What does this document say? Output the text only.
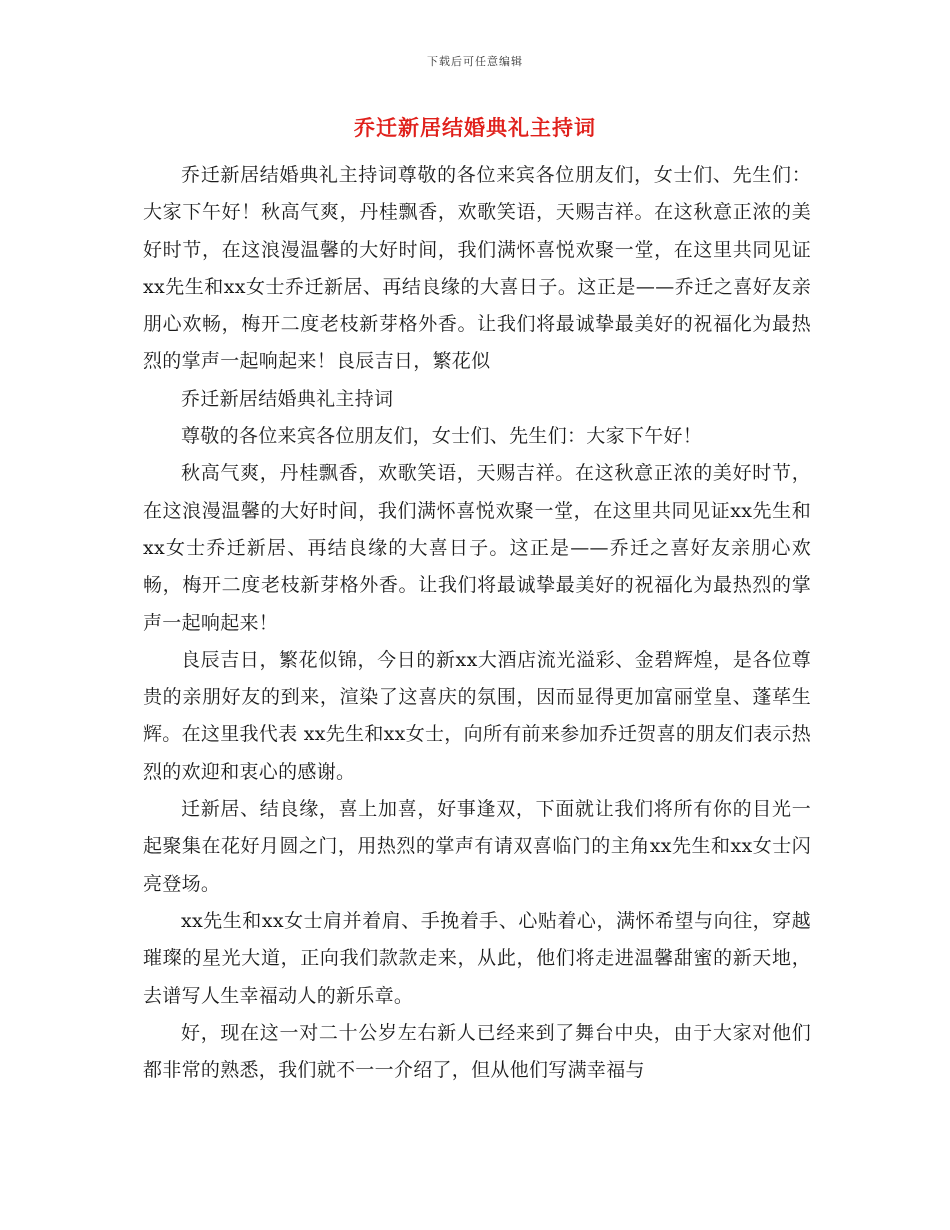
下载后可任意编辑
乔迁新居结婚典礼主持词

乔迁新居结婚典礼主持词尊敬的各位来宾各位朋友们，女士们、先生们：大家下午好！秋高气爽，丹桂飘香，欢歌笑语，天赐吉祥。在这秋意正浓的美好时节，在这浪漫温馨的大好时间，我们满怀喜悦欢聚一堂，在这里共同见证xx先生和xx女士乔迁新居、再结良缘的大喜日子。这正是——乔迁之喜好友亲朋心欢畅，梅开二度老枝新芽格外香。让我们将最诚挚最美好的祝福化为最热烈的掌声一起响起来！良辰吉日，繁花似

乔迁新居结婚典礼主持词

尊敬的各位来宾各位朋友们，女士们、先生们：大家下午好！

秋高气爽，丹桂飘香，欢歌笑语，天赐吉祥。在这秋意正浓的美好时节，在这浪漫温馨的大好时间，我们满怀喜悦欢聚一堂，在这里共同见证xx先生和xx女士乔迁新居、再结良缘的大喜日子。这正是——乔迁之喜好友亲朋心欢畅，梅开二度老枝新芽格外香。让我们将最诚挚最美好的祝福化为最热烈的掌声一起响起来！

良辰吉日，繁花似锦，今日的新xx大酒店流光溢彩、金碧辉煌，是各位尊贵的亲朋好友的到来，渲染了这喜庆的氛围，因而显得更加富丽堂皇、蓬荜生辉。在这里我代表 xx先生和xx女士，向所有前来参加乔迁贺喜的朋友们表示热烈的欢迎和衷心的感谢。

迁新居、结良缘，喜上加喜，好事逢双，下面就让我们将所有你的目光一起聚集在花好月圆之门，用热烈的掌声有请双喜临门的主角xx先生和xx女士闪亮登场。

xx先生和xx女士肩并着肩、手挽着手、心贴着心，满怀希望与向往，穿越璀璨的星光大道，正向我们款款走来，从此，他们将走进温馨甜蜜的新天地，去谱写人生幸福动人的新乐章。

好，现在这一对二十公岁左右新人已经来到了舞台中央，由于大家对他们都非常的熟悉，我们就不一一介绍了，但从他们写满幸福与
